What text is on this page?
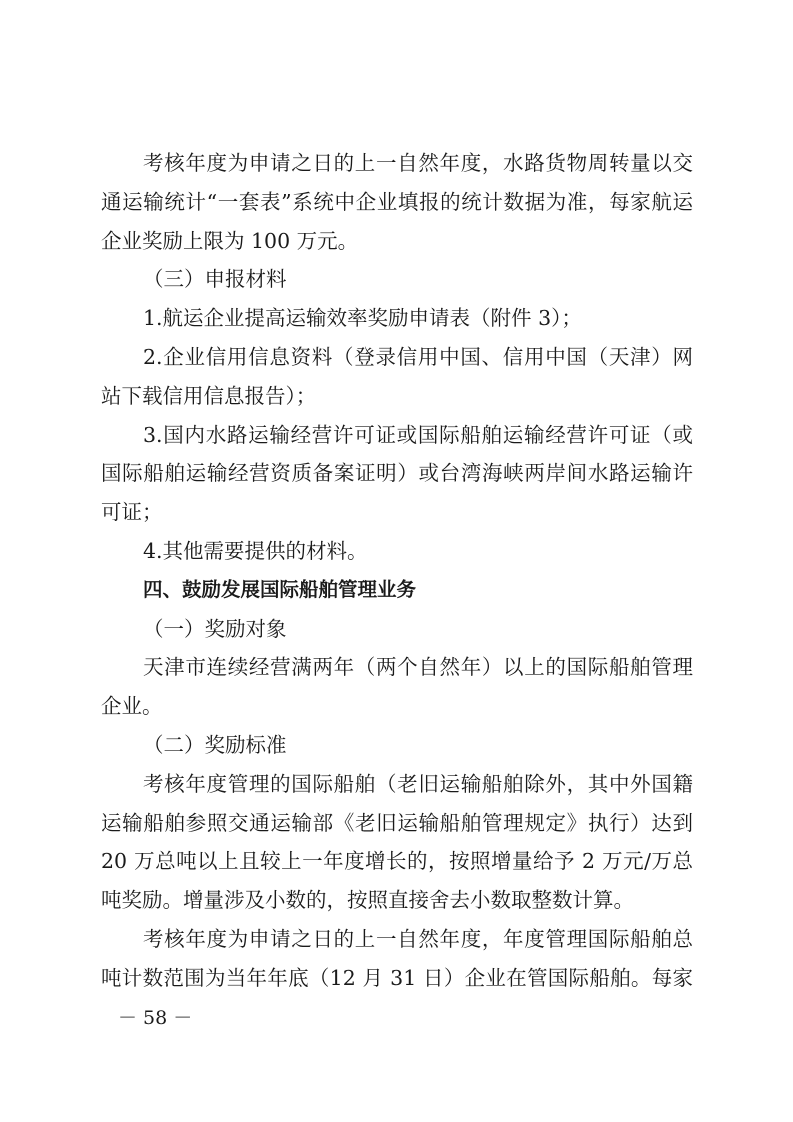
考核年度为申请之日的上一自然年度，水路货物周转量以交
通运输统计“一套表”系统中企业填报的统计数据为准，每家航运
企业奖励上限为 100 万元。
（三）申报材料
1.航运企业提高运输效率奖励申请表（附件 3）；
2.企业信用信息资料（登录信用中国、信用中国（天津）网
站下载信用信息报告）；
3.国内水路运输经营许可证或国际船舶运输经营许可证（或
国际船舶运输经营资质备案证明）或台湾海峡两岸间水路运输许
可证；
4.其他需要提供的材料。
四、鼓励发展国际船舶管理业务
（一）奖励对象
天津市连续经营满两年（两个自然年）以上的国际船舶管理
企业。
（二）奖励标准
考核年度管理的国际船舶（老旧运输船舶除外，其中外国籍
运输船舶参照交通运输部《老旧运输船舶管理规定》执行）达到
20 万总吨以上且较上一年度增长的，按照增量给予 2 万元/万总
吨奖励。增量涉及小数的，按照直接舍去小数取整数计算。
考核年度为申请之日的上一自然年度，年度管理国际船舶总
吨计数范围为当年年底（12 月 31 日）企业在管国际船舶。每家
－ 58 －
